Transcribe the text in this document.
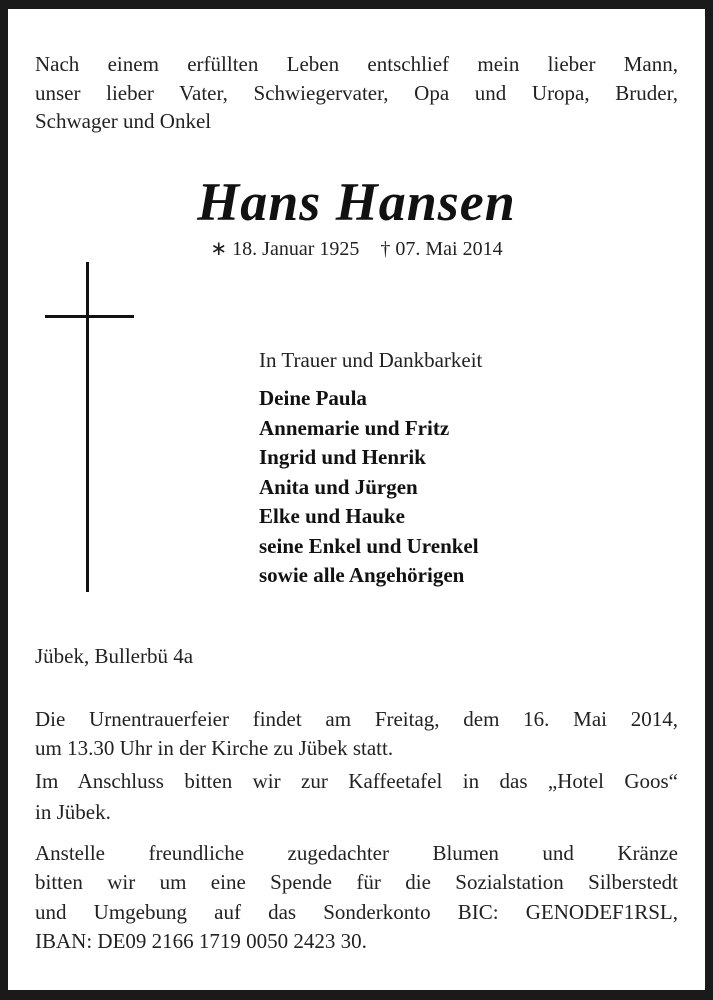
Nach einem erfüllten Leben entschlief mein lieber Mann,
unser lieber Vater, Schwiegervater, Opa und Uropa, Bruder,
Schwager und Onkel
Hans Hansen
∗ 18. Januar 1925 † 07. Mai 2014
In Trauer und Dankbarkeit
Deine Paula
Annemarie und Fritz
Ingrid und Henrik
Anita und Jürgen
Elke und Hauke
seine Enkel und Urenkel
sowie alle Angehörigen
Jübek, Bullerbü 4a
Die Urnentrauerfeier findet am Freitag, dem 16. Mai 2014,
um 13.30 Uhr in der Kirche zu Jübek statt.
Im Anschluss bitten wir zur Kaffeetafel in das „Hotel Goos“
in Jübek.
Anstelle freundliche zugedachter Blumen und Kränze
bitten wir um eine Spende für die Sozialstation Silberstedt
und Umgebung auf das Sonderkonto BIC: GENODEF1RSL,
IBAN: DE09 2166 1719 0050 2423 30.
